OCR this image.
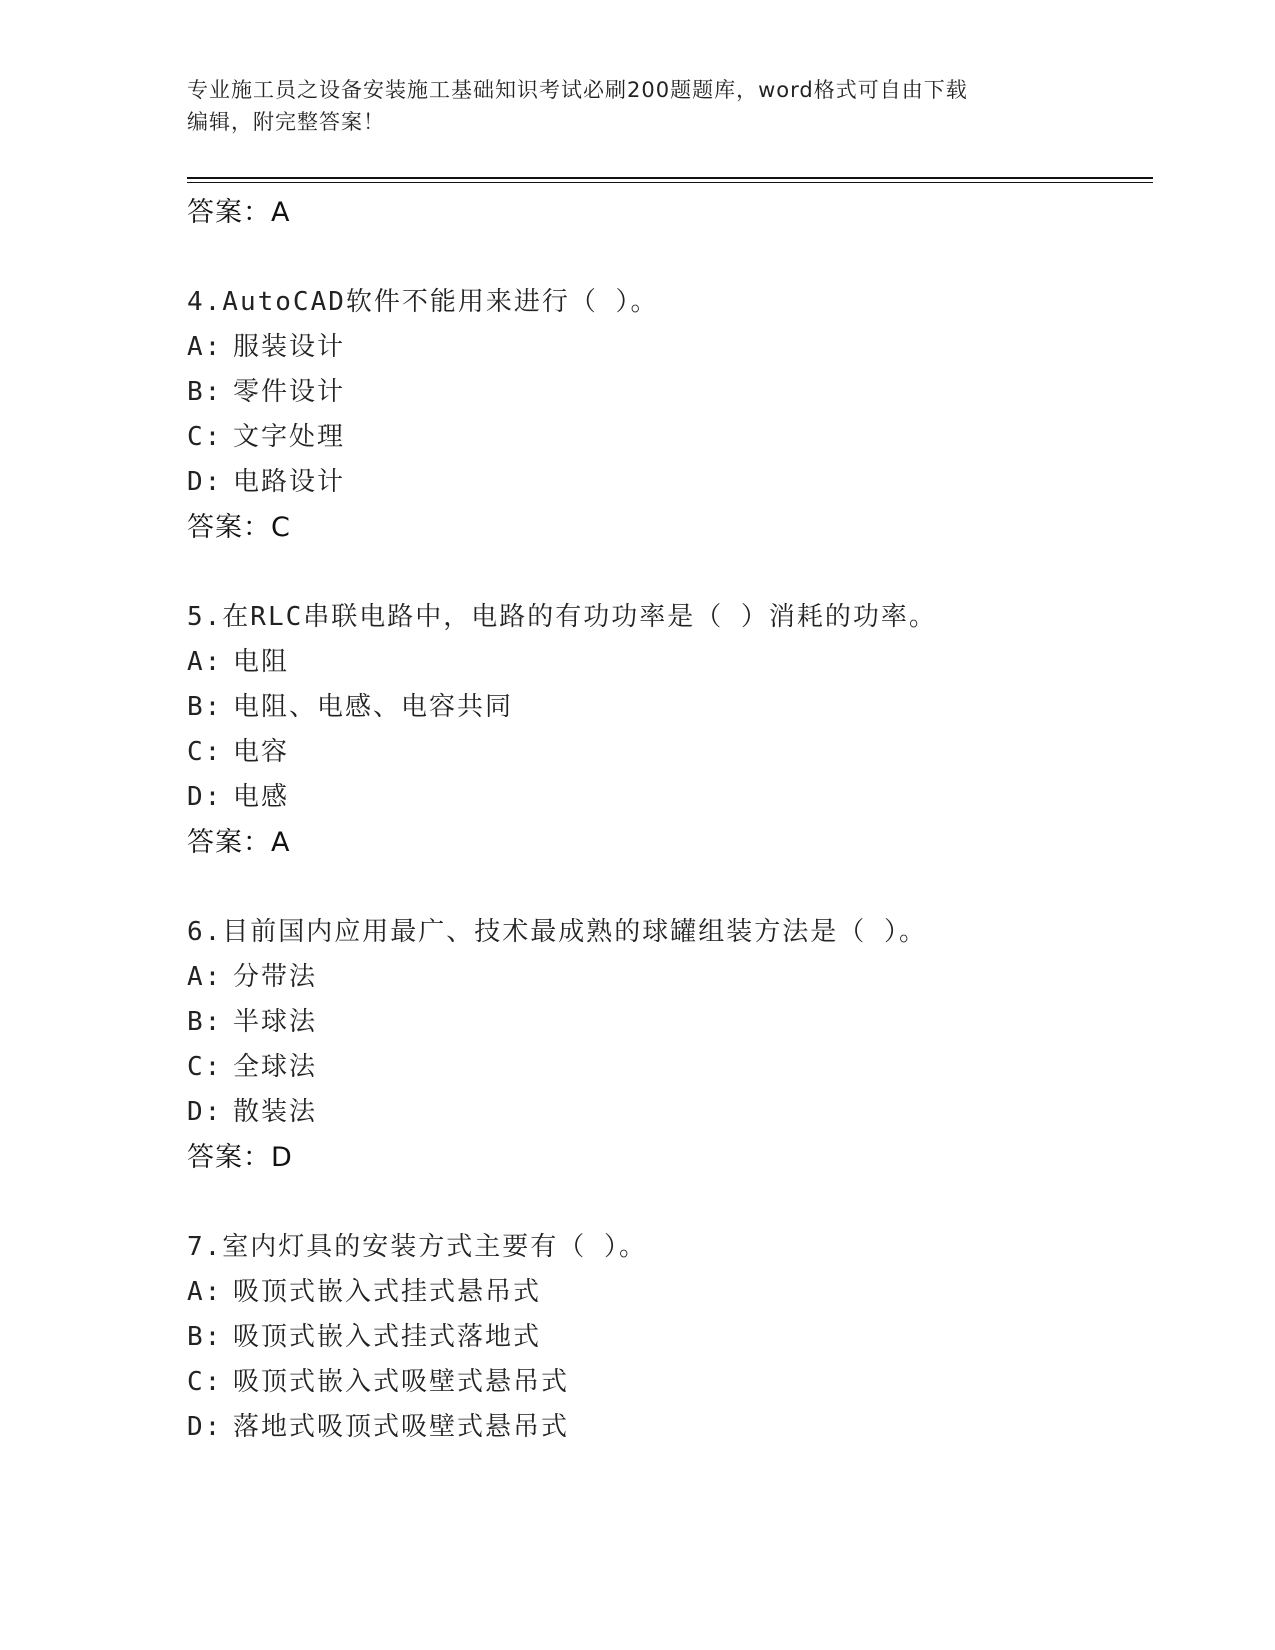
专业施工员之设备安装施工基础知识考试必刷200题题库，word格式可自由下载
编辑，附完整答案！
答案：A
4.AutoCAD软件不能用来进行（ ）。
A: 服装设计
B: 零件设计
C: 文字处理
D: 电路设计
答案：C
5.在RLC串联电路中，电路的有功功率是（ ）消耗的功率。
A: 电阻
B: 电阻、电感、电容共同
C: 电容
D: 电感
答案：A
6.目前国内应用最广、技术最成熟的球罐组装方法是（ ）。
A: 分带法
B: 半球法
C: 全球法
D: 散装法
答案：D
7.室内灯具的安装方式主要有（ ）。
A: 吸顶式嵌入式挂式悬吊式
B: 吸顶式嵌入式挂式落地式
C: 吸顶式嵌入式吸壁式悬吊式
D: 落地式吸顶式吸壁式悬吊式
